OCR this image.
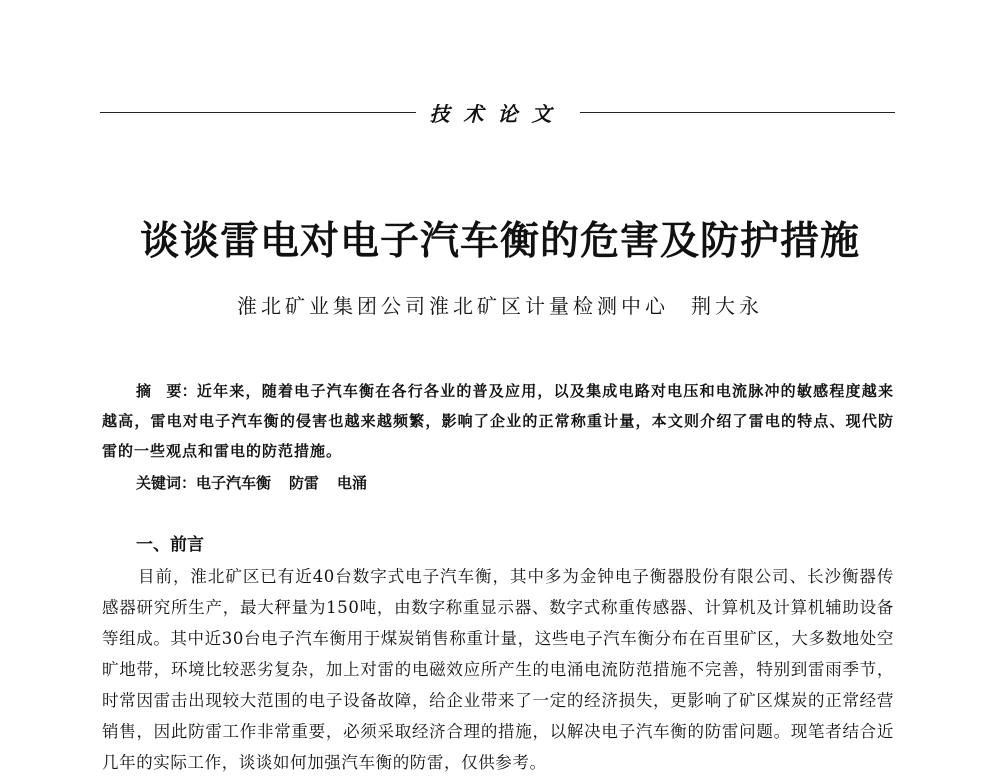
技术论文
谈谈雷电对电子汽车衡的危害及防护措施
淮北矿业集团公司淮北矿区计量检测中心 荆大永
摘　要：近年来，随着电子汽车衡在各行各业的普及应用，以及集成电路对电压和电流脉冲的敏感程度越来越高，雷电对电子汽车衡的侵害也越来越频繁，影响了企业的正常称重计量，本文则介绍了雷电的特点、现代防雷的一些观点和雷电的防范措施。
关键词：电子汽车衡 防雷 电涌
一、前言
目前，淮北矿区已有近40台数字式电子汽车衡，其中多为金钟电子衡器股份有限公司、长沙衡器传感器研究所生产，最大秤量为150吨，由数字称重显示器、数字式称重传感器、计算机及计算机辅助设备等组成。其中近30台电子汽车衡用于煤炭销售称重计量，这些电子汽车衡分布在百里矿区，大多数地处空旷地带，环境比较恶劣复杂，加上对雷的电磁效应所产生的电涌电流防范措施不完善，特别到雷雨季节，时常因雷击出现较大范围的电子设备故障，给企业带来了一定的经济损失，更影响了矿区煤炭的正常经营销售，因此防雷工作非常重要，必须采取经济合理的措施，以解决电子汽车衡的防雷问题。现笔者结合近几年的实际工作，谈谈如何加强汽车衡的防雷，仅供参考。
